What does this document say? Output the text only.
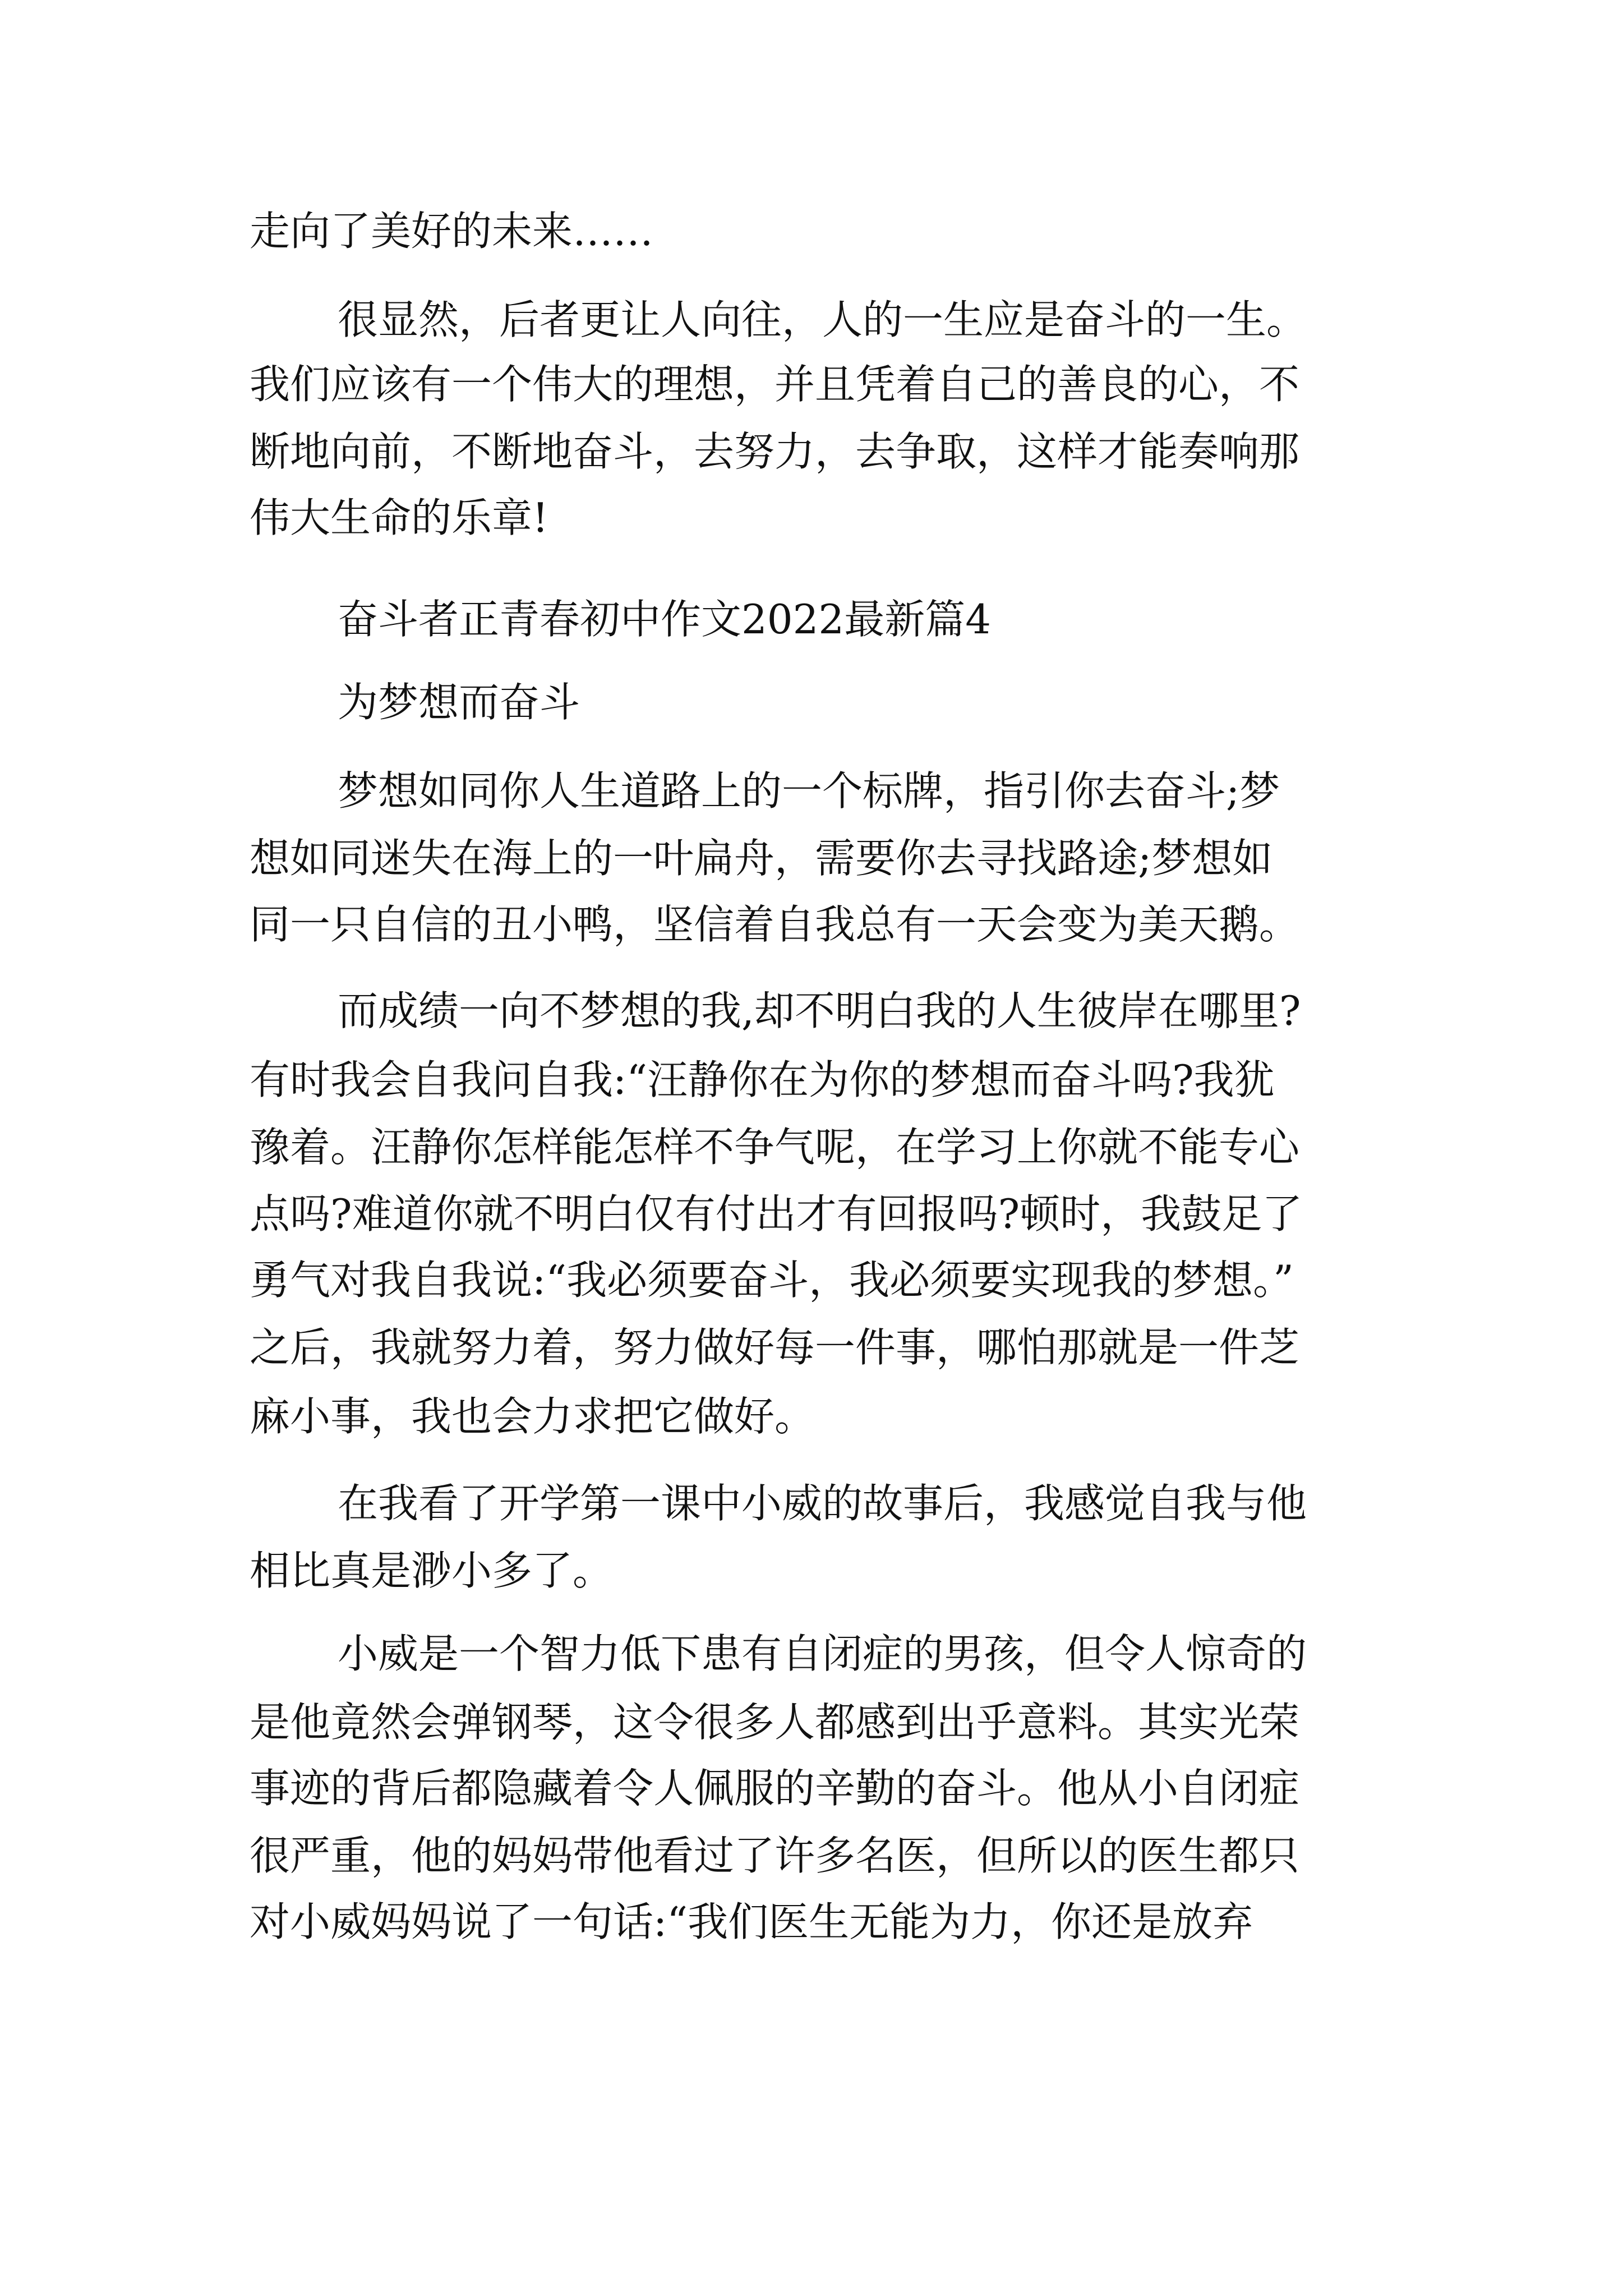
走向了美好的未来……

很显然，后者更让人向往，人的一生应是奋斗的一生。

我们应该有一个伟大的理想，并且凭着自己的善良的心，不

断地向前，不断地奋斗，去努力，去争取，这样才能奏响那

伟大生命的乐章!

奋斗者正青春初中作文2022最新篇4

为梦想而奋斗

梦想如同你人生道路上的一个标牌，指引你去奋斗;梦

想如同迷失在海上的一叶扁舟，需要你去寻找路途;梦想如

同一只自信的丑小鸭，坚信着自我总有一天会变为美天鹅。

而成绩一向不梦想的我,却不明白我的人生彼岸在哪里?

有时我会自我问自我:“汪静你在为你的梦想而奋斗吗?我犹

豫着。汪静你怎样能怎样不争气呢，在学习上你就不能专心

点吗?难道你就不明白仅有付出才有回报吗?顿时，我鼓足了

勇气对我自我说:“我必须要奋斗，我必须要实现我的梦想。”

之后，我就努力着，努力做好每一件事，哪怕那就是一件芝

麻小事，我也会力求把它做好。

在我看了开学第一课中小威的故事后，我感觉自我与他

相比真是渺小多了。

小威是一个智力低下患有自闭症的男孩，但令人惊奇的

是他竟然会弹钢琴，这令很多人都感到出乎意料。其实光荣

事迹的背后都隐藏着令人佩服的辛勤的奋斗。他从小自闭症

很严重，他的妈妈带他看过了许多名医，但所以的医生都只

对小威妈妈说了一句话:“我们医生无能为力，你还是放弃
